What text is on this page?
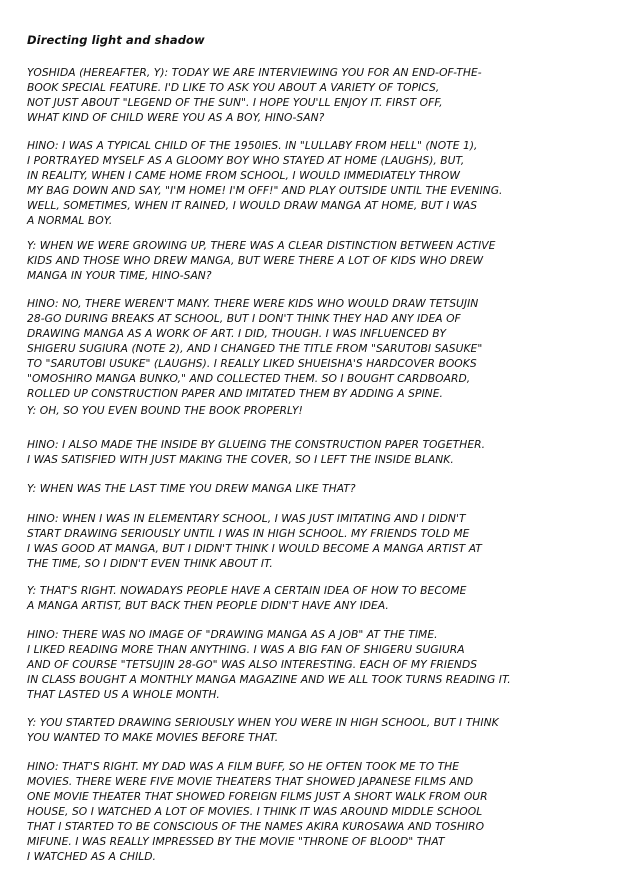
Directing light and shadow
YOSHIDA (HEREAFTER, Y): TODAY WE ARE INTERVIEWING YOU FOR AN END-OF-THE-
BOOK SPECIAL FEATURE. I'D LIKE TO ASK YOU ABOUT A VARIETY OF TOPICS,
NOT JUST ABOUT "LEGEND OF THE SUN". I HOPE YOU'LL ENJOY IT. FIRST OFF,
WHAT KIND OF CHILD WERE YOU AS A BOY, HINO-SAN?
HINO: I WAS A TYPICAL CHILD OF THE 1950IES. IN "LULLABY FROM HELL" (NOTE 1),
I PORTRAYED MYSELF AS A GLOOMY BOY WHO STAYED AT HOME (LAUGHS), BUT,
IN REALITY, WHEN I CAME HOME FROM SCHOOL, I WOULD IMMEDIATELY THROW
MY BAG DOWN AND SAY, "I'M HOME! I'M OFF!" AND PLAY OUTSIDE UNTIL THE EVENING.
WELL, SOMETIMES, WHEN IT RAINED, I WOULD DRAW MANGA AT HOME, BUT I WAS
A NORMAL BOY.
Y: WHEN WE WERE GROWING UP, THERE WAS A CLEAR DISTINCTION BETWEEN ACTIVE
KIDS AND THOSE WHO DREW MANGA, BUT WERE THERE A LOT OF KIDS WHO DREW
MANGA IN YOUR TIME, HINO-SAN?
HINO: NO, THERE WEREN'T MANY. THERE WERE KIDS WHO WOULD DRAW TETSUJIN
28-GO DURING BREAKS AT SCHOOL, BUT I DON'T THINK THEY HAD ANY IDEA OF
DRAWING MANGA AS A WORK OF ART. I DID, THOUGH. I WAS INFLUENCED BY
SHIGERU SUGIURA (NOTE 2), AND I CHANGED THE TITLE FROM "SARUTOBI SASUKE"
TO "SARUTOBI USUKE" (LAUGHS). I REALLY LIKED SHUEISHA'S HARDCOVER BOOKS
"OMOSHIRO MANGA BUNKO," AND COLLECTED THEM. SO I BOUGHT CARDBOARD,
ROLLED UP CONSTRUCTION PAPER AND IMITATED THEM BY ADDING A SPINE.
Y: OH, SO YOU EVEN BOUND THE BOOK PROPERLY!
HINO: I ALSO MADE THE INSIDE BY GLUEING THE CONSTRUCTION PAPER TOGETHER.
I WAS SATISFIED WITH JUST MAKING THE COVER, SO I LEFT THE INSIDE BLANK.
Y: WHEN WAS THE LAST TIME YOU DREW MANGA LIKE THAT?
HINO: WHEN I WAS IN ELEMENTARY SCHOOL, I WAS JUST IMITATING AND I DIDN'T
START DRAWING SERIOUSLY UNTIL I WAS IN HIGH SCHOOL. MY FRIENDS TOLD ME
I WAS GOOD AT MANGA, BUT I DIDN'T THINK I WOULD BECOME A MANGA ARTIST AT
THE TIME, SO I DIDN'T EVEN THINK ABOUT IT.
Y: THAT'S RIGHT. NOWADAYS PEOPLE HAVE A CERTAIN IDEA OF HOW TO BECOME
A MANGA ARTIST, BUT BACK THEN PEOPLE DIDN'T HAVE ANY IDEA.
HINO: THERE WAS NO IMAGE OF "DRAWING MANGA AS A JOB" AT THE TIME.
I LIKED READING MORE THAN ANYTHING. I WAS A BIG FAN OF SHIGERU SUGIURA
AND OF COURSE "TETSUJIN 28-GO" WAS ALSO INTERESTING. EACH OF MY FRIENDS
IN CLASS BOUGHT A MONTHLY MANGA MAGAZINE AND WE ALL TOOK TURNS READING IT.
THAT LASTED US A WHOLE MONTH.
Y: YOU STARTED DRAWING SERIOUSLY WHEN YOU WERE IN HIGH SCHOOL, BUT I THINK
YOU WANTED TO MAKE MOVIES BEFORE THAT.
HINO: THAT'S RIGHT. MY DAD WAS A FILM BUFF, SO HE OFTEN TOOK ME TO THE
MOVIES. THERE WERE FIVE MOVIE THEATERS THAT SHOWED JAPANESE FILMS AND
ONE MOVIE THEATER THAT SHOWED FOREIGN FILMS JUST A SHORT WALK FROM OUR
HOUSE, SO I WATCHED A LOT OF MOVIES. I THINK IT WAS AROUND MIDDLE SCHOOL
THAT I STARTED TO BE CONSCIOUS OF THE NAMES AKIRA KUROSAWA AND TOSHIRO
MIFUNE. I WAS REALLY IMPRESSED BY THE MOVIE "THRONE OF BLOOD" THAT
I WATCHED AS A CHILD.
